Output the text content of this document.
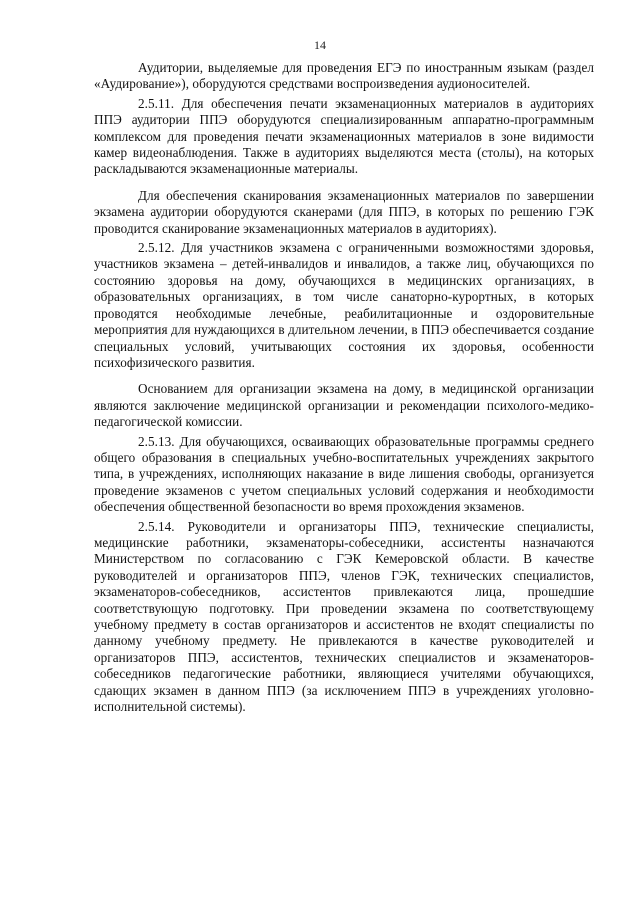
14

Аудитории, выделяемые для проведения ЕГЭ по иностранным языкам (раздел «Аудирование»), оборудуются средствами воспроизведения аудионосителей.

2.5.11. Для обеспечения печати экзаменационных материалов в аудиториях ППЭ аудитории ППЭ оборудуются специализированным аппаратно-программным комплексом для проведения печати экзаменационных материалов в зоне видимости камер видеонаблюдения. Также в аудиториях выделяются места (столы), на которых раскладываются экзаменационные материалы.

Для обеспечения сканирования экзаменационных материалов по завершении экзамена аудитории оборудуются сканерами (для ППЭ, в которых по решению ГЭК проводится сканирование экзаменационных материалов в аудиториях).

2.5.12. Для участников экзамена с ограниченными возможностями здоровья, участников экзамена – детей-инвалидов и инвалидов, а также лиц, обучающихся по состоянию здоровья на дому, обучающихся в медицинских организациях, в образовательных организациях, в том числе санаторно-курортных, в которых проводятся необходимые лечебные, реабилитационные и оздоровительные мероприятия для нуждающихся в длительном лечении, в ППЭ обеспечивается создание специальных условий, учитывающих состояния их здоровья, особенности психофизического развития.

Основанием для организации экзамена на дому, в медицинской организации являются заключение медицинской организации и рекомендации психолого-медико-педагогической комиссии.

2.5.13. Для обучающихся, осваивающих образовательные программы среднего общего образования в специальных учебно-воспитательных учреждениях закрытого типа, в учреждениях, исполняющих наказание в виде лишения свободы, организуется проведение экзаменов с учетом специальных условий содержания и необходимости обеспечения общественной безопасности во время прохождения экзаменов.

2.5.14. Руководители и организаторы ППЭ, технические специалисты, медицинские работники, экзаменаторы-собеседники, ассистенты назначаются Министерством по согласованию с ГЭК Кемеровской области. В качестве руководителей и организаторов ППЭ, членов ГЭК, технических специалистов, экзаменаторов-собеседников, ассистентов привлекаются лица, прошедшие соответствующую подготовку. При проведении экзамена по соответствующему учебному предмету в состав организаторов и ассистентов не входят специалисты по данному учебному предмету. Не привлекаются в качестве руководителей и организаторов ППЭ, ассистентов, технических специалистов и экзаменаторов-собеседников педагогические работники, являющиеся учителями обучающихся, сдающих экзамен в данном ППЭ (за исключением ППЭ в учреждениях уголовно-исполнительной системы).
